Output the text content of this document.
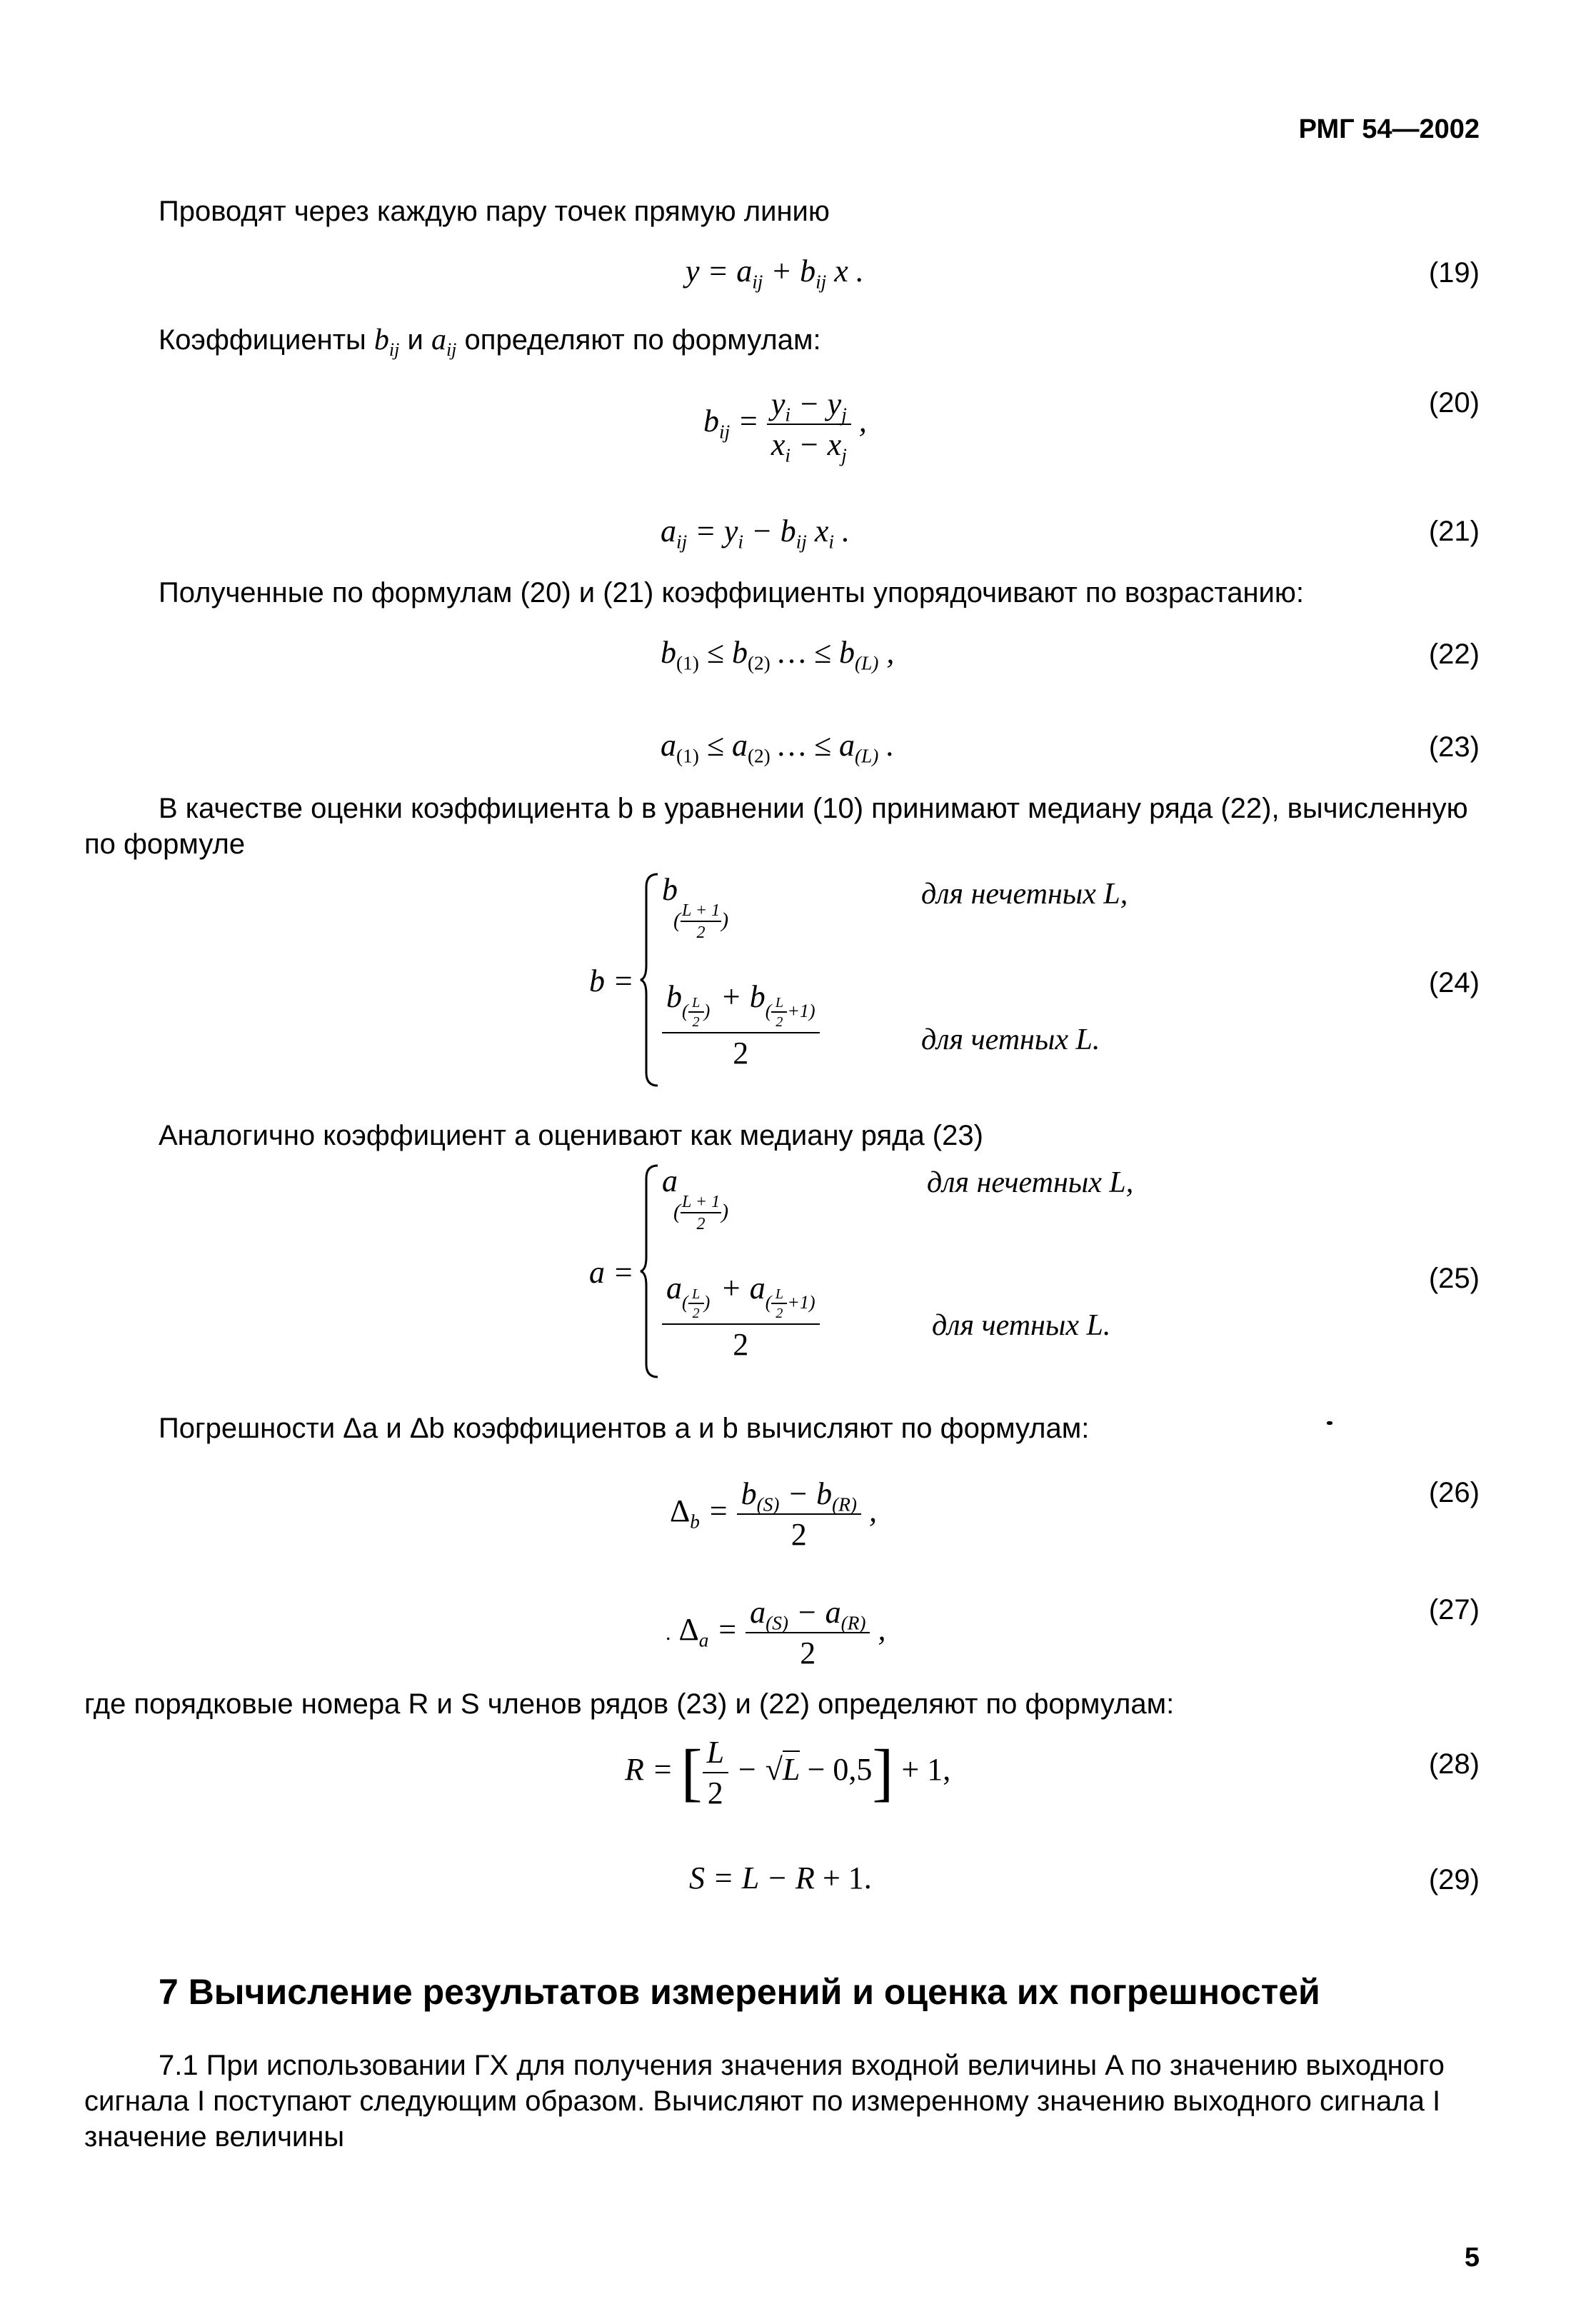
РМГ 54—2002
Проводят через каждую пару точек прямую линию
$y = a_{ij} + b_{ij}$ x .	(19)
Коэффициенты $b_{ij}$ и $a_{ij}$ определяют по формулам:
$b_{ij} = \frac{y_i - y_j}{x_i - x_j}$ ,
(20)
$a_{ij} = y_i - b_{ij}$ $x_i$ .	(21)
Полученные по формулам (20) и (21) коэффициенты упорядочивают по возрастанию:
$b_{(1)} \le b_{(2)}$ … ≤ $b_{(L)}$ ,	(22)
$a_{(1)} \le a_{(2)}$ … ≤ $a_{(L)}$ .	(23)
В качестве оценки коэффициента b в уравнении (10) принимают медиану ряда (22), вычисленную
по формуле
b =
b
( $\frac{L + 1}{2}$ )
$b_{( \frac{L}{2} )}$  + $b_{( \frac{L}{2} +1)}$
2
для нечетных L,
для четных L.
(24)
Аналогично коэффициент a оценивают как медиану ряда (23)
a =
a
( $\frac{L + 1}{2}$ )
$a_{( \frac{L}{2} )}$  + $a_{( \frac{L}{2} +1)}$
2
для нечетных L,
для четных L.
(25)
Погрешности Δa и Δb коэффициентов a и b вычисляют по формулам:
$\Delta_b = \frac{b_{(S)} - b_{(R)}}{2}$ ,
(26)
. $\Delta_a = \frac{a_{(S)} - a_{(R)}}{2}$ ,
(27)
где порядковые номера R и S членов рядов (23) и (22) определяют по формулам:
R = [ $\frac{L}{2} - √L - 0,5] + 1$,	(28)
S = L − R + 1.	(29)
7 Вычисление результатов измерений и оценка их погрешностей
7.1 При использовании ГХ для получения значения входной величины A по значению выходного
сигнала I поступают следующим образом. Вычисляют по измеренному значению выходного сигнала I
значение величины
5
